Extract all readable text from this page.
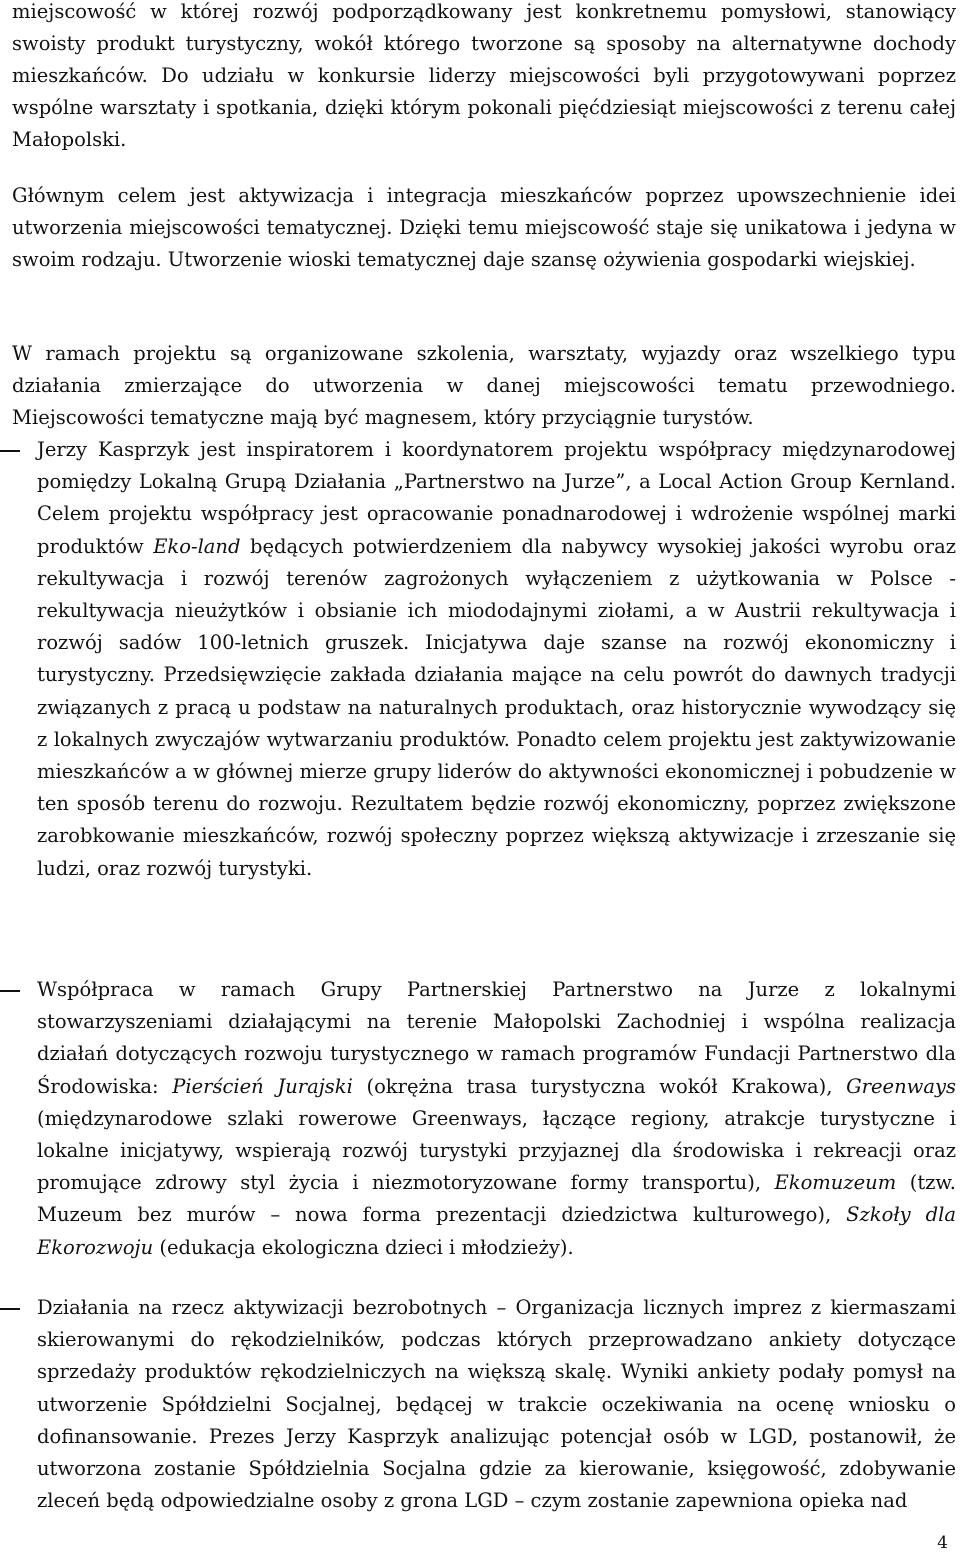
miejscowość w której rozwój podporządkowany jest konkretnemu pomysłowi, stanowiący swoisty produkt turystyczny, wokół którego tworzone są sposoby na alternatywne dochody mieszkańców. Do udziału w konkursie liderzy miejscowości byli przygotowywani poprzez wspólne warsztaty i spotkania, dzięki którym pokonali pięćdziesiąt miejscowości z terenu całej Małopolski.

Głównym celem jest aktywizacja i integracja mieszkańców poprzez upowszechnienie idei utworzenia miejscowości tematycznej. Dzięki temu miejscowość staje się unikatowa i jedyna w swoim rodzaju. Utworzenie wioski tematycznej daje szansę ożywienia gospodarki wiejskiej.

W ramach projektu są organizowane szkolenia, warsztaty, wyjazdy oraz wszelkiego typu działania zmierzające do utworzenia w danej miejscowości tematu przewodniego. Miejscowości tematyczne mają być magnesem, który przyciągnie turystów.

Jerzy Kasprzyk jest inspiratorem i koordynatorem projektu współpracy międzynarodowej pomiędzy Lokalną Grupą Działania „Partnerstwo na Jurze”, a Local Action Group Kernland. Celem projektu współpracy jest opracowanie ponadnarodowej i wdrożenie wspólnej marki produktów Eko-land będących potwierdzeniem dla nabywcy wysokiej jakości wyrobu oraz rekultywacja i rozwój terenów zagrożonych wyłączeniem z użytkowania w Polsce - rekultywacja nieużytków i obsianie ich miododajnymi ziołami, a w Austrii rekultywacja i rozwój sadów 100-letnich gruszek. Inicjatywa daje szanse na rozwój ekonomiczny i turystyczny. Przedsięwzięcie zakłada działania mające na celu powrót do dawnych tradycji związanych z pracą u podstaw na naturalnych produktach, oraz historycznie wywodzący się z lokalnych zwyczajów wytwarzaniu produktów. Ponadto celem projektu jest zaktywizowanie mieszkańców a w głównej mierze grupy liderów do aktywności ekonomicznej i pobudzenie w ten sposób terenu do rozwoju. Rezultatem będzie rozwój ekonomiczny, poprzez zwiększone zarobkowanie mieszkańców, rozwój społeczny poprzez większą aktywizacje i zrzeszanie się ludzi, oraz rozwój turystyki.

Współpraca w ramach Grupy Partnerskiej Partnerstwo na Jurze z lokalnymi stowarzyszeniami działającymi na terenie Małopolski Zachodniej i wspólna realizacja działań dotyczących rozwoju turystycznego w ramach programów Fundacji Partnerstwo dla Środowiska: Pierścień Jurajski (okrężna trasa turystyczna wokół Krakowa), Greenways (międzynarodowe szlaki rowerowe Greenways, łączące regiony, atrakcje turystyczne i lokalne inicjatywy, wspierają rozwój turystyki przyjaznej dla środowiska i rekreacji oraz promujące zdrowy styl życia i niezmotoryzowane formy transportu), Ekomuzeum (tzw. Muzeum bez murów – nowa forma prezentacji dziedzictwa kulturowego), Szkoły dla Ekorozwoju (edukacja ekologiczna dzieci i młodzieży).

Działania na rzecz aktywizacji bezrobotnych – Organizacja licznych imprez z kiermaszami skierowanymi do rękodzielników, podczas których przeprowadzano ankiety dotyczące sprzedaży produktów rękodzielniczych na większą skalę. Wyniki ankiety podały pomysł na utworzenie Spółdzielni Socjalnej, będącej w trakcie oczekiwania na ocenę wniosku o dofinansowanie. Prezes Jerzy Kasprzyk analizując potencjał osób w LGD, postanowił, że utworzona zostanie Spółdzielnia Socjalna gdzie za kierowanie, księgowość, zdobywanie zleceń będą odpowiedzialne osoby z grona LGD – czym zostanie zapewniona opieka nad

4
